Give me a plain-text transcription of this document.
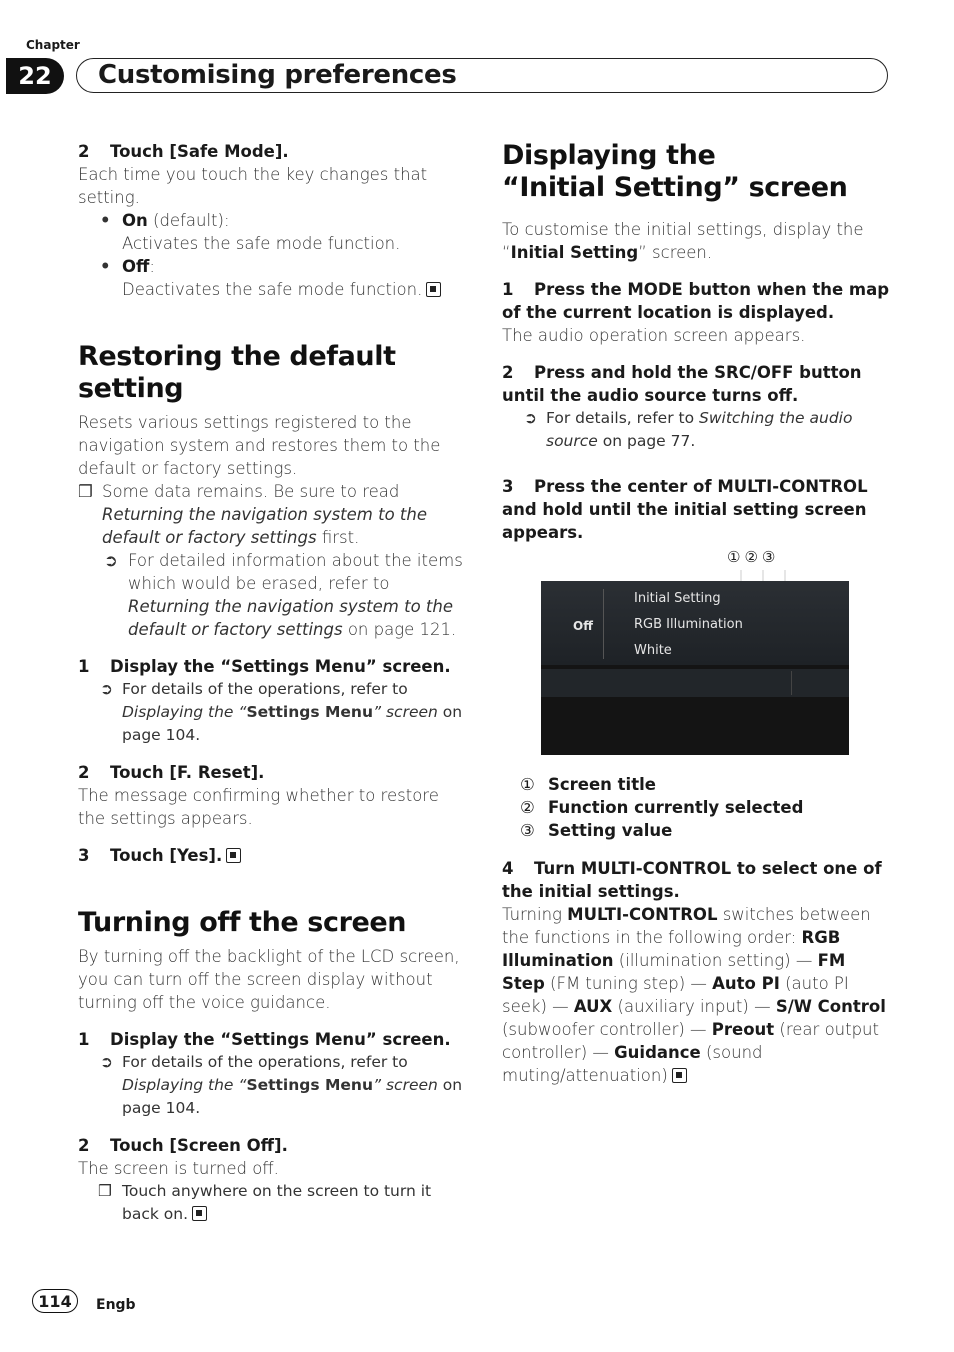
Chapter
22	Customising preferences
2 Touch [Safe Mode].
Each time you touch the key changes that setting.
• On (default):
Activates the safe mode function.
• Off:
Deactivates the safe mode function.
Restoring the default setting
Resets various settings registered to the navigation system and restores them to the default or factory settings.
❒ Some data remains. Be sure to read Returning the navigation system to the default or factory settings first.
➲ For detailed information about the items which would be erased, refer to Returning the navigation system to the default or factory settings on page 121.
1 Display the “Settings Menu” screen.
➲ For details of the operations, refer to Displaying the “Settings Menu” screen on page 104.
2 Touch [F. Reset].
The message confirming whether to restore the settings appears.
3 Touch [Yes].
Turning off the screen
By turning off the backlight of the LCD screen, you can turn off the screen display without turning off the voice guidance.
1 Display the “Settings Menu” screen.
➲ For details of the operations, refer to Displaying the “Settings Menu” screen on page 104.
2 Touch [Screen Off].
The screen is turned off.
❒ Touch anywhere on the screen to turn it back on.
Displaying the
“Initial Setting” screen
To customise the initial settings, display the “Initial Setting” screen.
1 Press the MODE button when the map of the current location is displayed.
The audio operation screen appears.
2 Press and hold the SRC/OFF button until the audio source turns off.
➲ For details, refer to Switching the audio source on page 77.
3 Press the center of MULTI-CONTROL and hold until the initial setting screen appears.
①②③
Off
Initial Setting
RGB Illumination
White
① Screen title
② Function currently selected
③ Setting value
4 Turn MULTI-CONTROL to select one of the initial settings.
Turning MULTI-CONTROL switches between the functions in the following order: RGB Illumination (illumination setting) — FM Step (FM tuning step) — Auto PI (auto PI seek) — AUX (auxiliary input) — S/W Control (subwoofer controller) — Preout (rear output controller) — Guidance (sound muting/attenuation)
114	Engb
